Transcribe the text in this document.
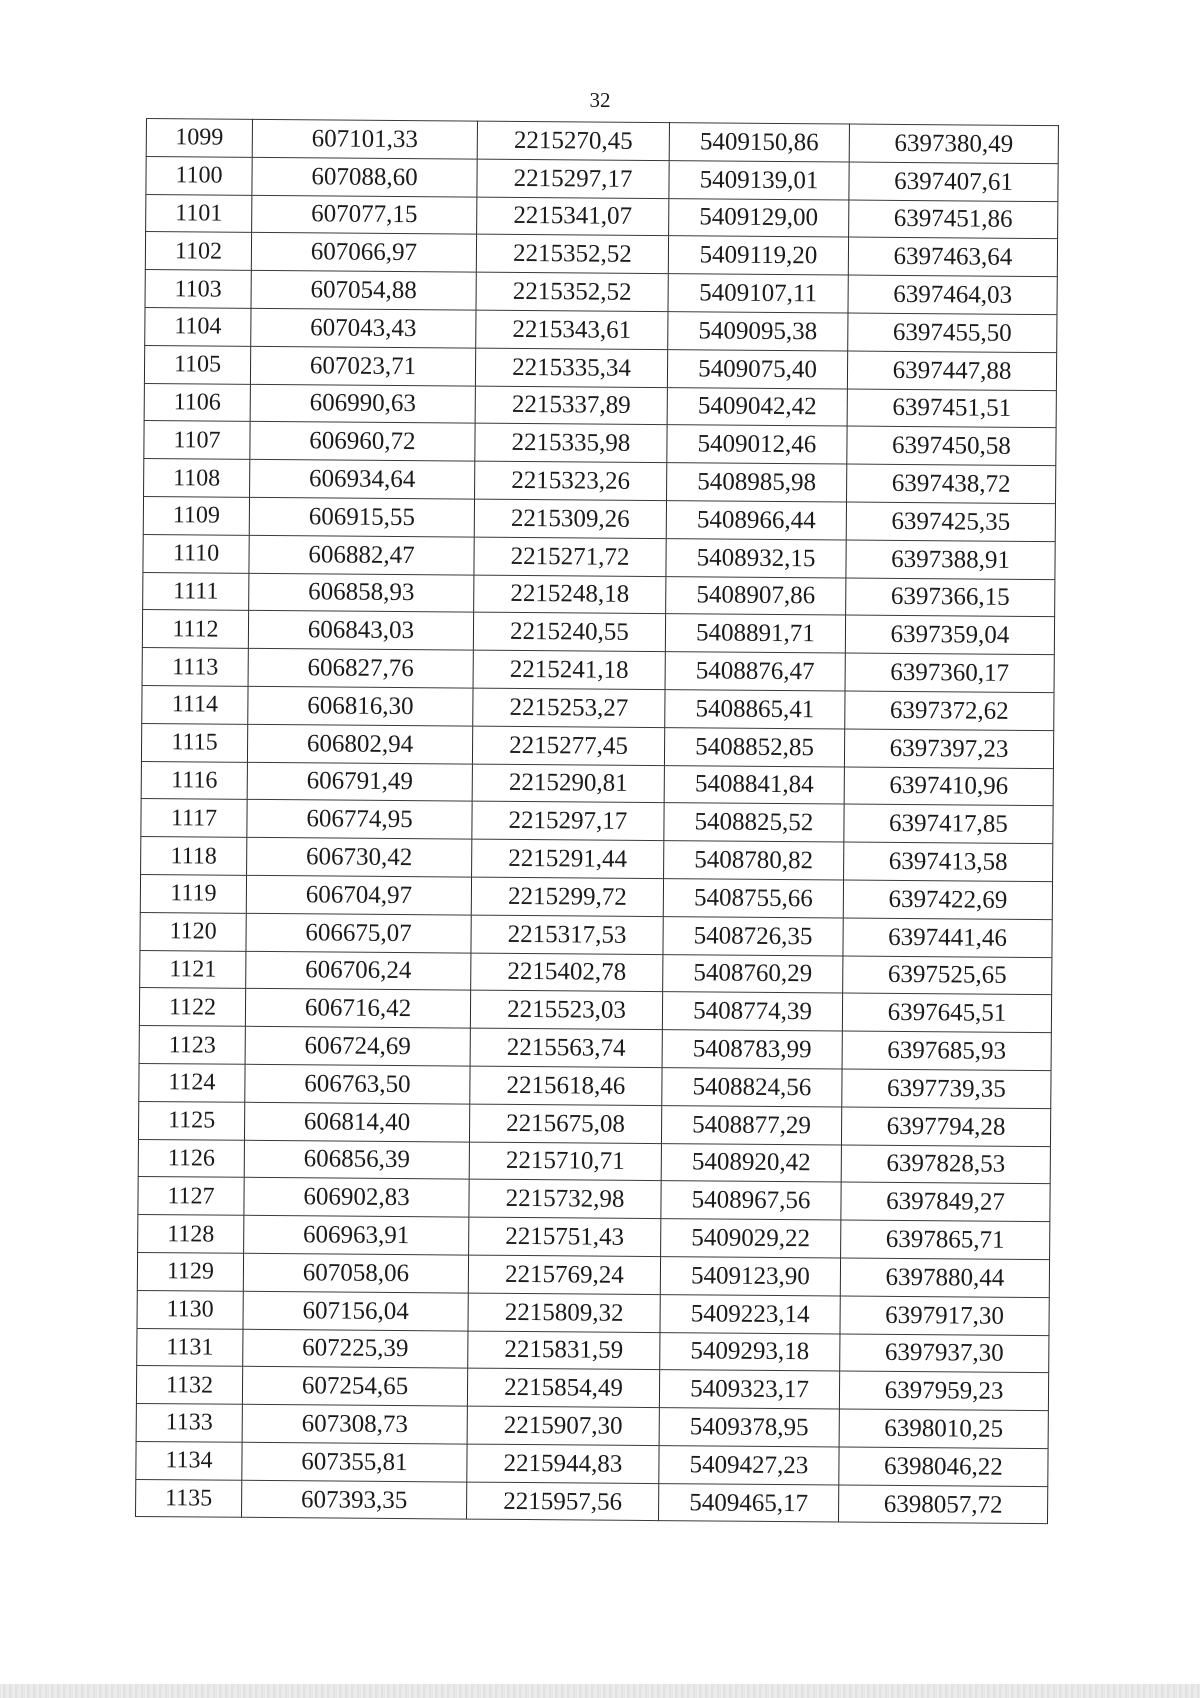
32
1099	607101,33	2215270,45	5409150,86	6397380,49
1100	607088,60	2215297,17	5409139,01	6397407,61
1101	607077,15	2215341,07	5409129,00	6397451,86
1102	607066,97	2215352,52	5409119,20	6397463,64
1103	607054,88	2215352,52	5409107,11	6397464,03
1104	607043,43	2215343,61	5409095,38	6397455,50
1105	607023,71	2215335,34	5409075,40	6397447,88
1106	606990,63	2215337,89	5409042,42	6397451,51
1107	606960,72	2215335,98	5409012,46	6397450,58
1108	606934,64	2215323,26	5408985,98	6397438,72
1109	606915,55	2215309,26	5408966,44	6397425,35
1110	606882,47	2215271,72	5408932,15	6397388,91
1111	606858,93	2215248,18	5408907,86	6397366,15
1112	606843,03	2215240,55	5408891,71	6397359,04
1113	606827,76	2215241,18	5408876,47	6397360,17
1114	606816,30	2215253,27	5408865,41	6397372,62
1115	606802,94	2215277,45	5408852,85	6397397,23
1116	606791,49	2215290,81	5408841,84	6397410,96
1117	606774,95	2215297,17	5408825,52	6397417,85
1118	606730,42	2215291,44	5408780,82	6397413,58
1119	606704,97	2215299,72	5408755,66	6397422,69
1120	606675,07	2215317,53	5408726,35	6397441,46
1121	606706,24	2215402,78	5408760,29	6397525,65
1122	606716,42	2215523,03	5408774,39	6397645,51
1123	606724,69	2215563,74	5408783,99	6397685,93
1124	606763,50	2215618,46	5408824,56	6397739,35
1125	606814,40	2215675,08	5408877,29	6397794,28
1126	606856,39	2215710,71	5408920,42	6397828,53
1127	606902,83	2215732,98	5408967,56	6397849,27
1128	606963,91	2215751,43	5409029,22	6397865,71
1129	607058,06	2215769,24	5409123,90	6397880,44
1130	607156,04	2215809,32	5409223,14	6397917,30
1131	607225,39	2215831,59	5409293,18	6397937,30
1132	607254,65	2215854,49	5409323,17	6397959,23
1133	607308,73	2215907,30	5409378,95	6398010,25
1134	607355,81	2215944,83	5409427,23	6398046,22
1135	607393,35	2215957,56	5409465,17	6398057,72
